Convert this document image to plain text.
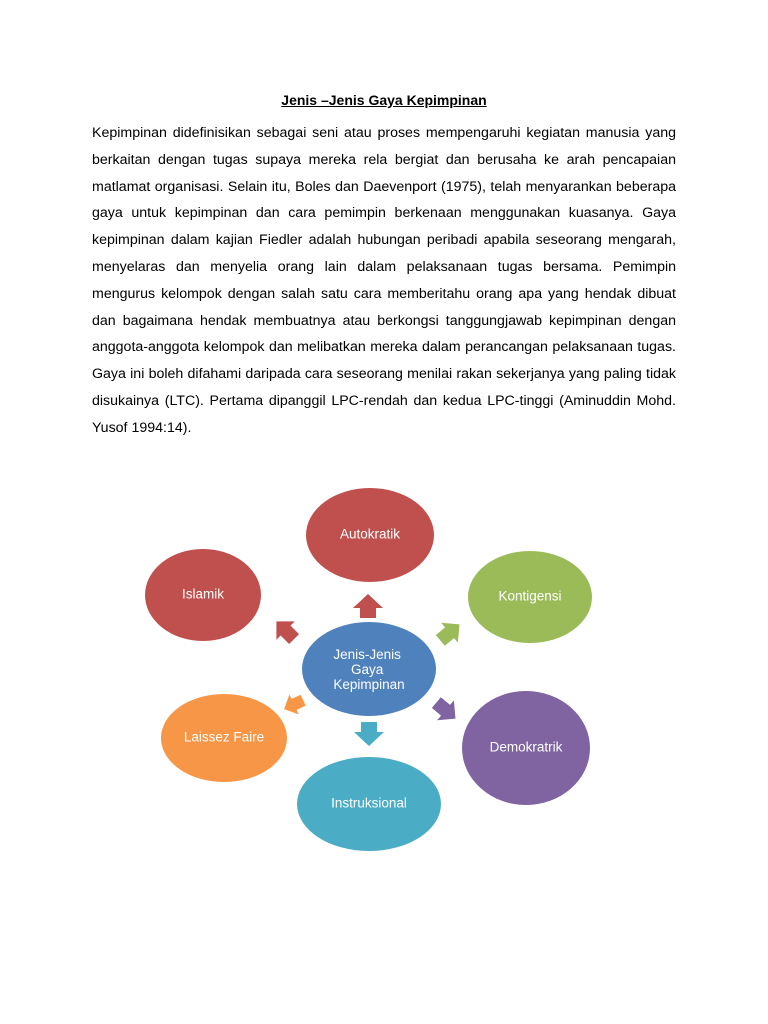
Jenis –Jenis Gaya Kepimpinan

Kepimpinan didefinisikan sebagai seni atau proses mempengaruhi kegiatan manusia yang berkaitan dengan tugas supaya mereka rela bergiat dan berusaha ke arah pencapaian matlamat organisasi. Selain itu, Boles dan Daevenport (1975), telah menyarankan beberapa gaya untuk kepimpinan dan cara pemimpin berkenaan menggunakan kuasanya. Gaya kepimpinan dalam kajian Fiedler adalah hubungan peribadi apabila seseorang mengarah, menyelaras dan menyelia orang lain dalam pelaksanaan tugas bersama. Pemimpin mengurus kelompok dengan salah satu cara memberitahu orang apa yang hendak dibuat dan bagaimana hendak membuatnya atau berkongsi tanggungjawab kepimpinan dengan anggota-anggota kelompok dan melibatkan mereka dalam perancangan pelaksanaan tugas. Gaya ini boleh difahami daripada cara seseorang menilai rakan sekerjanya yang paling tidak disukainya (LTC). Pertama dipanggil LPC-rendah dan kedua LPC-tinggi (Aminuddin Mohd. Yusof 1994:14).

Autokratik
Islamik	Kontigensi
Laissez Faire
Demokratrik
Instruksional
Jenis-Jenis Gaya Kepimpinan
